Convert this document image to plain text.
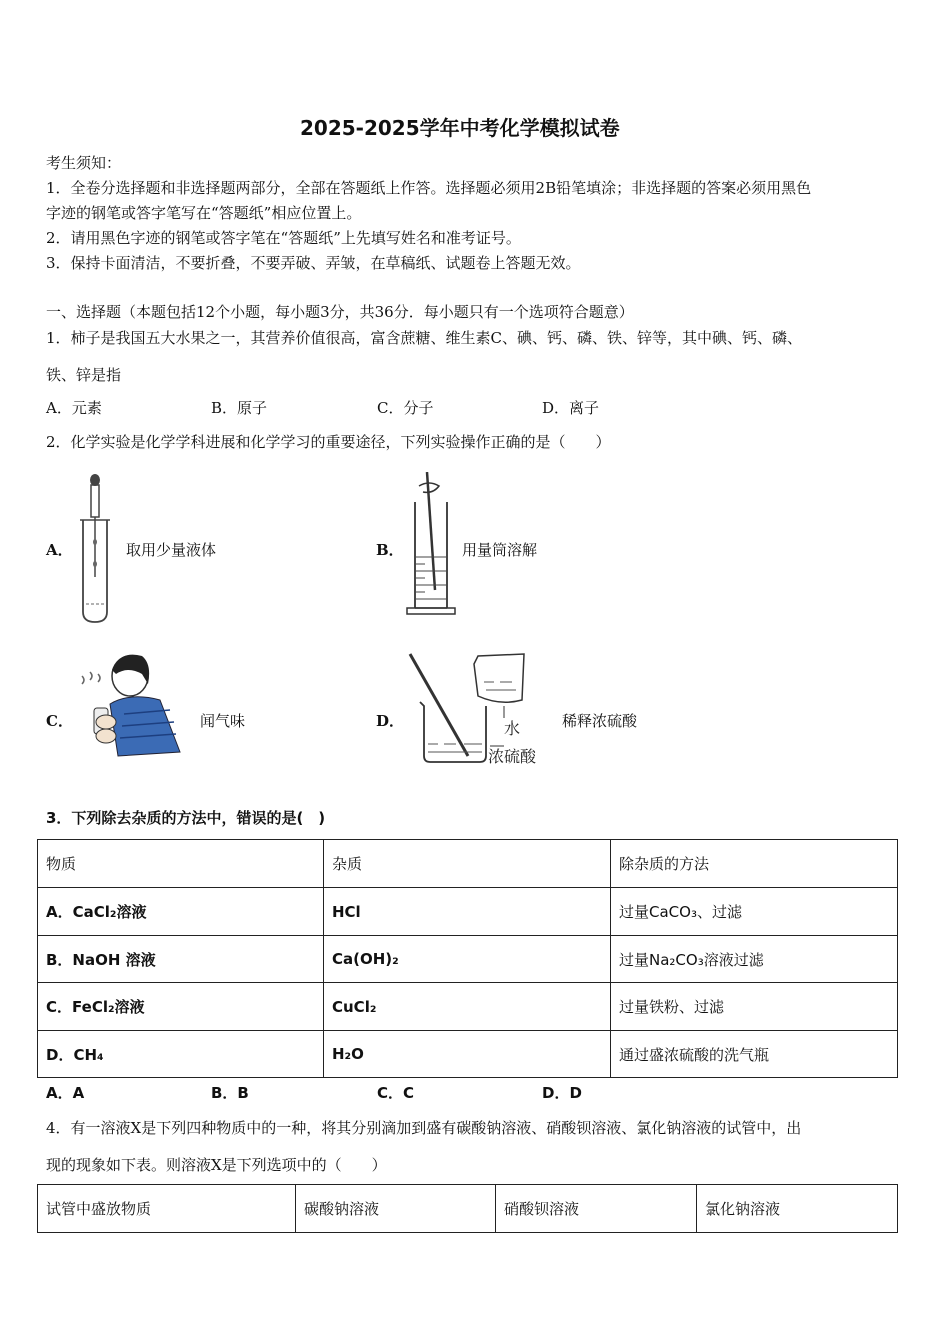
2025-2025学年中考化学模拟试卷
考生须知：
1．全卷分选择题和非选择题两部分，全部在答题纸上作答。选择题必须用2B铅笔填涂；非选择题的答案必须用黑色
字迹的钢笔或答字笔写在“答题纸”相应位置上。
2．请用黑色字迹的钢笔或答字笔在“答题纸”上先填写姓名和准考证号。
3．保持卡面清洁，不要折叠，不要弄破、弄皱，在草稿纸、试题卷上答题无效。
一、选择题（本题包括12个小题，每小题3分，共36分．每小题只有一个选项符合题意）
1．柿子是我国五大水果之一，其营养价值很高，富含蔗糖、维生素C、碘、钙、磷、铁、锌等，其中碘、钙、磷、
铁、锌是指
A．元素	B．原子	C．分子	D．离子
2．化学实验是化学学科进展和化学学习的重要途径，下列实验操作正确的是（　　）
A．	取用少量液体	B．	用量筒溶解
C．	闻气味	D．	水
浓硫酸
稀释浓硫酸
3．下列除去杂质的方法中，错误的是(　)
物质	杂质	除杂质的方法
A．CaCl₂溶液	HCl	过量CaCO₃、过滤
B．NaOH 溶液	Ca(OH)₂	过量Na₂CO₃溶液过滤
C．FeCl₂溶液	CuCl₂	过量铁粉、过滤
D．CH₄	H₂O	通过盛浓硫酸的洗气瓶
A．A	B．B	C．C	D．D
4．有一溶液X是下列四种物质中的一种，将其分别滴加到盛有碳酸钠溶液、硝酸钡溶液、氯化钠溶液的试管中，出
现的现象如下表。则溶液X是下列选项中的（　　）
试管中盛放物质	碳酸钠溶液	硝酸钡溶液	氯化钠溶液
